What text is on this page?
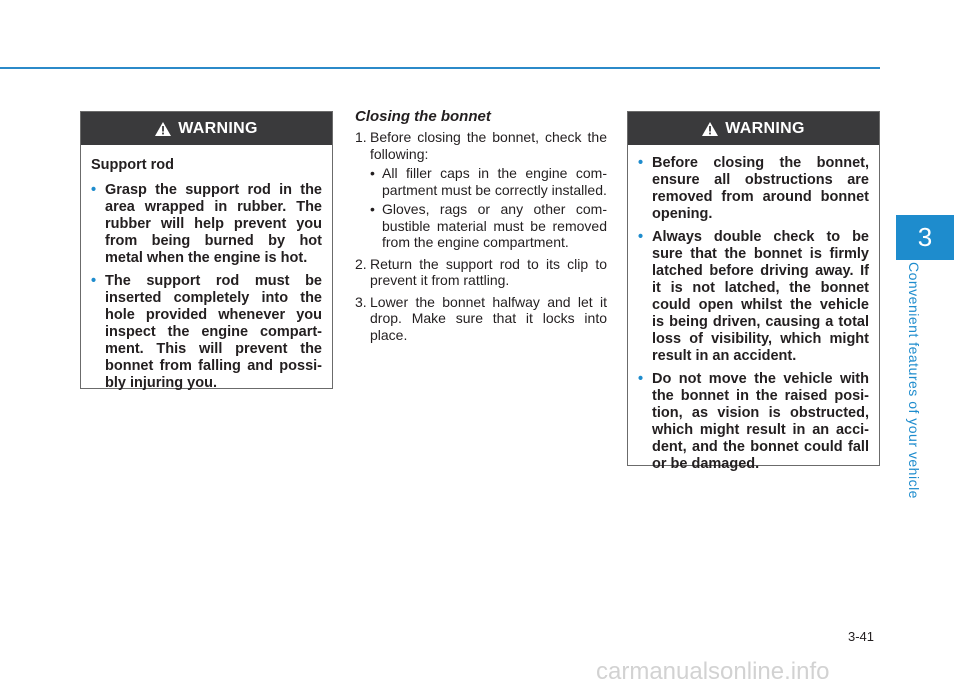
WARNING
Support rod
• Grasp the support rod in the area wrapped in rubber. The rubber will help prevent you from being burned by hot metal when the engine is hot.
• The support rod must be inserted completely into the hole provided whenever you inspect the engine compart-ment. This will prevent the bonnet from falling and possi-bly injuring you.
Closing the bonnet
1. Before closing the bonnet, check the following:
• All filler caps in the engine com-partment must be correctly installed.
• Gloves, rags or any other com-bustible material must be removed from the engine compartment.
2. Return the support rod to its clip to prevent it from rattling.
3. Lower the bonnet halfway and let it drop. Make sure that it locks into place.
WARNING
• Before closing the bonnet, ensure all obstructions are removed from around bonnet opening.
• Always double check to be sure that the bonnet is firmly latched before driving away. If it is not latched, the bonnet could open whilst the vehicle is being driven, causing a total loss of visibility, which might result in an accident.
• Do not move the vehicle with the bonnet in the raised posi-tion, as vision is obstructed, which might result in an acci-dent, and the bonnet could fall or be damaged.
3
Convenient features of your vehicle
3-41
carmanualsonline.info
